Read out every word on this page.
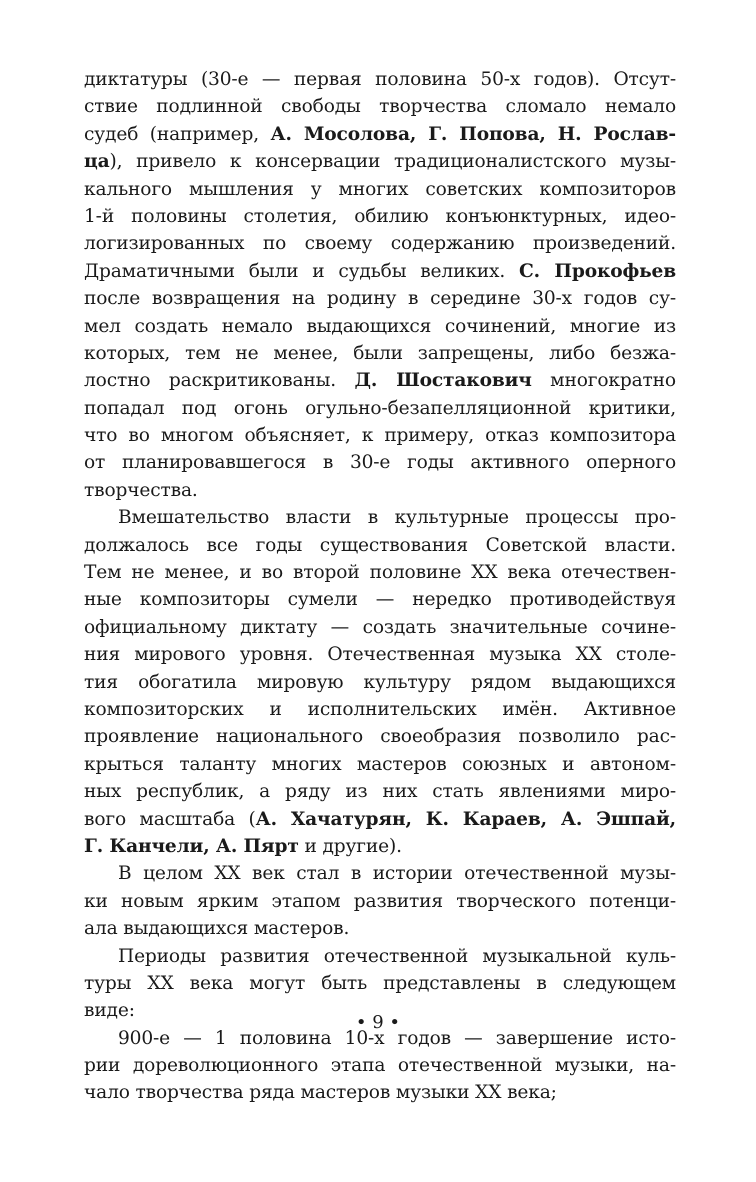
диктатуры (30-е — первая половина 50-х годов). Отсут-
ствие подлинной свободы творчества сломало немало
судеб (например, А. Мосолова, Г. Попова, Н. Рослав-
ца), привело к консервации традиционалистского музы-
кального мышления у многих советских композиторов
1-й половины столетия, обилию конъюнктурных, идео-
логизированных по своему содержанию произведений.
Драматичными были и судьбы великих. С. Прокофьев
после возвращения на родину в середине 30-х годов су-
мел создать немало выдающихся сочинений, многие из
которых, тем не менее, были запрещены, либо безжа-
лостно раскритикованы. Д. Шостакович многократно
попадал под огонь огульно-безапелляционной критики,
что во многом объясняет, к примеру, отказ композитора
от планировавшегося в 30-е годы активного оперного
творчества.
Вмешательство власти в культурные процессы про-
должалось все годы существования Советской власти.
Тем не менее, и во второй половине XX века отечествен-
ные композиторы сумели — нередко противодействуя
официальному диктату — создать значительные сочине-
ния мирового уровня. Отечественная музыка XX столе-
тия обогатила мировую культуру рядом выдающихся
композиторских и исполнительских имён. Активное
проявление национального своеобразия позволило рас-
крыться таланту многих мастеров союзных и автоном-
ных республик, а ряду из них стать явлениями миро-
вого масштаба (А. Хачатурян, К. Караев, А. Эшпай,
Г. Канчели, А. Пярт и другие).
В целом XX век стал в истории отечественной музы-
ки новым ярким этапом развития творческого потенци-
ала выдающихся мастеров.
Периоды развития отечественной музыкальной куль-
туры XX века могут быть представлены в следующем
виде:
900-е — 1 половина 10-х годов — завершение исто-
рии дореволюционного этапа отечественной музыки, на-
чало творчества ряда мастеров музыки XX века;
• 9 •
